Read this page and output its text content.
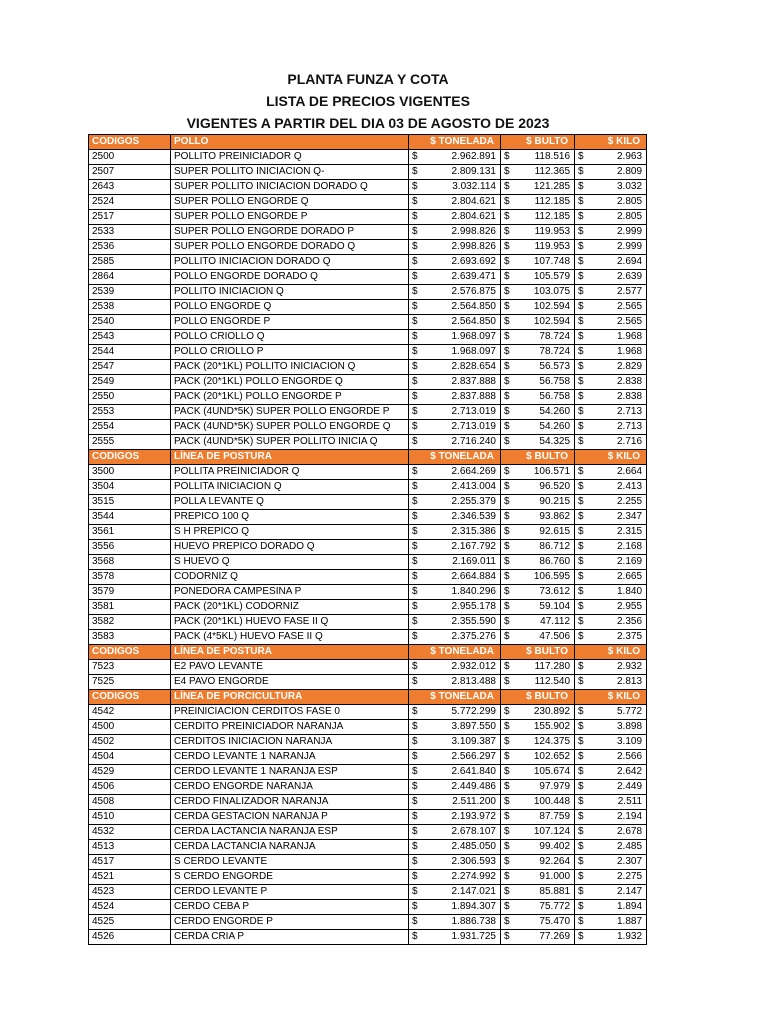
PLANTA FUNZA Y COTA
LISTA DE PRECIOS VIGENTES
VIGENTES A PARTIR DEL DIA 03 DE AGOSTO DE 2023
CODIGOS	POLLO	$ TONELADA		$ BULTO		$ KILO	
2500	POLLITO PREINICIADOR Q	$	2.962.891	$	118.516	$	2.963
2507	SUPER POLLITO INICIACION Q-	$	2.809.131	$	112.365	$	2.809
2643	SUPER POLLITO INICIACION DORADO Q	$	3.032.114	$	121.285	$	3.032
2524	SUPER POLLO ENGORDE Q	$	2.804.621	$	112.185	$	2.805
2517	SUPER POLLO ENGORDE P	$	2.804.621	$	112.185	$	2.805
2533	SUPER POLLO ENGORDE DORADO P	$	2.998.826	$	119.953	$	2.999
2536	SUPER POLLO ENGORDE DORADO Q	$	2.998.826	$	119.953	$	2.999
2585	POLLITO INICIACION DORADO Q	$	2.693.692	$	107.748	$	2.694
2864	POLLO ENGORDE DORADO Q	$	2.639.471	$	105.579	$	2.639
2539	POLLITO INICIACION Q	$	2.576.875	$	103.075	$	2.577
2538	POLLO ENGORDE Q	$	2.564.850	$	102.594	$	2.565
2540	POLLO ENGORDE P	$	2.564.850	$	102.594	$	2.565
2543	POLLO CRIOLLO Q	$	1.968.097	$	78.724	$	1.968
2544	POLLO CRIOLLO P	$	1.968.097	$	78.724	$	1.968
2547	PACK (20*1KL) POLLITO INICIACION Q	$	2.828.654	$	56.573	$	2.829
2549	PACK (20*1KL) POLLO ENGORDE Q	$	2.837.888	$	56.758	$	2.838
2550	PACK (20*1KL) POLLO ENGORDE P	$	2.837.888	$	56.758	$	2.838
2553	PACK (4UND*5K) SUPER POLLO ENGORDE P	$	2.713.019	$	54.260	$	2.713
2554	PACK (4UND*5K) SUPER POLLO ENGORDE Q	$	2.713.019	$	54.260	$	2.713
2555	PACK (4UND*5K) SUPER POLLITO INICIA Q	$	2.716.240	$	54.325	$	2.716
CODIGOS	LÍNEA DE POSTURA	$ TONELADA		$ BULTO		$ KILO	
3500	POLLITA PREINICIADOR Q	$	2.664.269	$	106.571	$	2.664
3504	POLLITA INICIACION Q	$	2.413.004	$	96.520	$	2.413
3515	POLLA LEVANTE Q	$	2.255.379	$	90.215	$	2.255
3544	PREPICO 100 Q	$	2.346.539	$	93.862	$	2.347
3561	S H PREPICO Q	$	2.315.386	$	92.615	$	2.315
3556	HUEVO PREPICO DORADO Q	$	2.167.792	$	86.712	$	2.168
3568	S HUEVO Q	$	2.169.011	$	86.760	$	2.169
3578	CODORNIZ Q	$	2.664.884	$	106.595	$	2.665
3579	PONEDORA CAMPESINA P	$	1.840.296	$	73.612	$	1.840
3581	PACK (20*1KL) CODORNIZ	$	2.955.178	$	59.104	$	2.955
3582	PACK (20*1KL) HUEVO FASE II Q	$	2.355.590	$	47.112	$	2.356
3583	PACK (4*5KL) HUEVO FASE II Q	$	2.375.276	$	47.506	$	2.375
CODIGOS	LÍNEA DE POSTURA	$ TONELADA		$ BULTO		$ KILO	
7523	E2 PAVO LEVANTE	$	2.932.012	$	117.280	$	2.932
7525	E4 PAVO ENGORDE	$	2.813.488	$	112.540	$	2.813
CODIGOS	LÍNEA DE PORCICULTURA	$ TONELADA		$ BULTO		$ KILO	
4542	PREINICIACION CERDITOS FASE 0	$	5.772.299	$	230.892	$	5.772
4500	CERDITO PREINICIADOR NARANJA	$	3.897.550	$	155.902	$	3.898
4502	CERDITOS INICIACION NARANJA	$	3.109.387	$	124.375	$	3.109
4504	CERDO LEVANTE 1 NARANJA	$	2.566.297	$	102.652	$	2.566
4529	CERDO LEVANTE 1 NARANJA ESP	$	2.641.840	$	105.674	$	2.642
4506	CERDO ENGORDE NARANJA	$	2.449.486	$	97.979	$	2.449
4508	CERDO FINALIZADOR NARANJA	$	2.511.200	$	100.448	$	2.511
4510	CERDA GESTACION NARANJA P	$	2.193.972	$	87.759	$	2.194
4532	CERDA LACTANCIA NARANJA ESP	$	2.678.107	$	107.124	$	2.678
4513	CERDA LACTANCIA NARANJA	$	2.485.050	$	99.402	$	2.485
4517	S CERDO LEVANTE	$	2.306.593	$	92.264	$	2.307
4521	S CERDO ENGORDE	$	2.274.992	$	91.000	$	2.275
4523	CERDO LEVANTE P	$	2.147.021	$	85.881	$	2.147
4524	CERDO CEBA P	$	1.894.307	$	75.772	$	1.894
4525	CERDO ENGORDE P	$	1.886.738	$	75.470	$	1.887
4526	CERDA CRIA P	$	1.931.725	$	77.269	$	1.932
